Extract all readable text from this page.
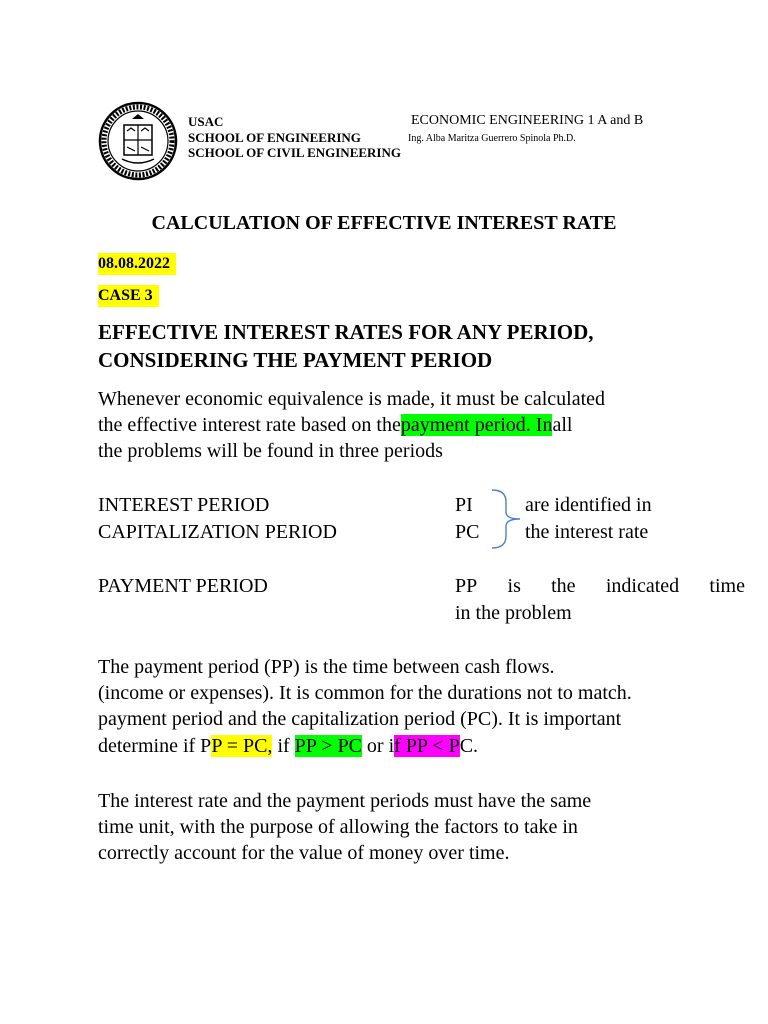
USAC
SCHOOL OF ENGINEERING
SCHOOL OF CIVIL ENGINEERING
ECONOMIC ENGINEERING 1 A and B
Ing. Alba Maritza Guerrero Spinola Ph.D.
CALCULATION OF EFFECTIVE INTEREST RATE
08.08.2022
CASE 3
EFFECTIVE INTEREST RATES FOR ANY PERIOD,
CONSIDERING THE PAYMENT PERIOD
Whenever economic equivalence is made, it must be calculated
the effective interest rate based on thepayment period. Inall
the problems will be found in three periods
INTEREST PERIOD	PI	are identified in
CAPITALIZATION PERIOD	PC the interest rate
PAYMENT PERIOD	PP is the indicated time
in the problem
The payment period (PP) is the time between cash flows.
(income or expenses). It is common for the durations not to match.
payment period and the capitalization period (PC). It is important
determine if PP = PC, if PP > PC or if PP < PC.
The interest rate and the payment periods must have the same
time unit, with the purpose of allowing the factors to take in
correctly account for the value of money over time.
